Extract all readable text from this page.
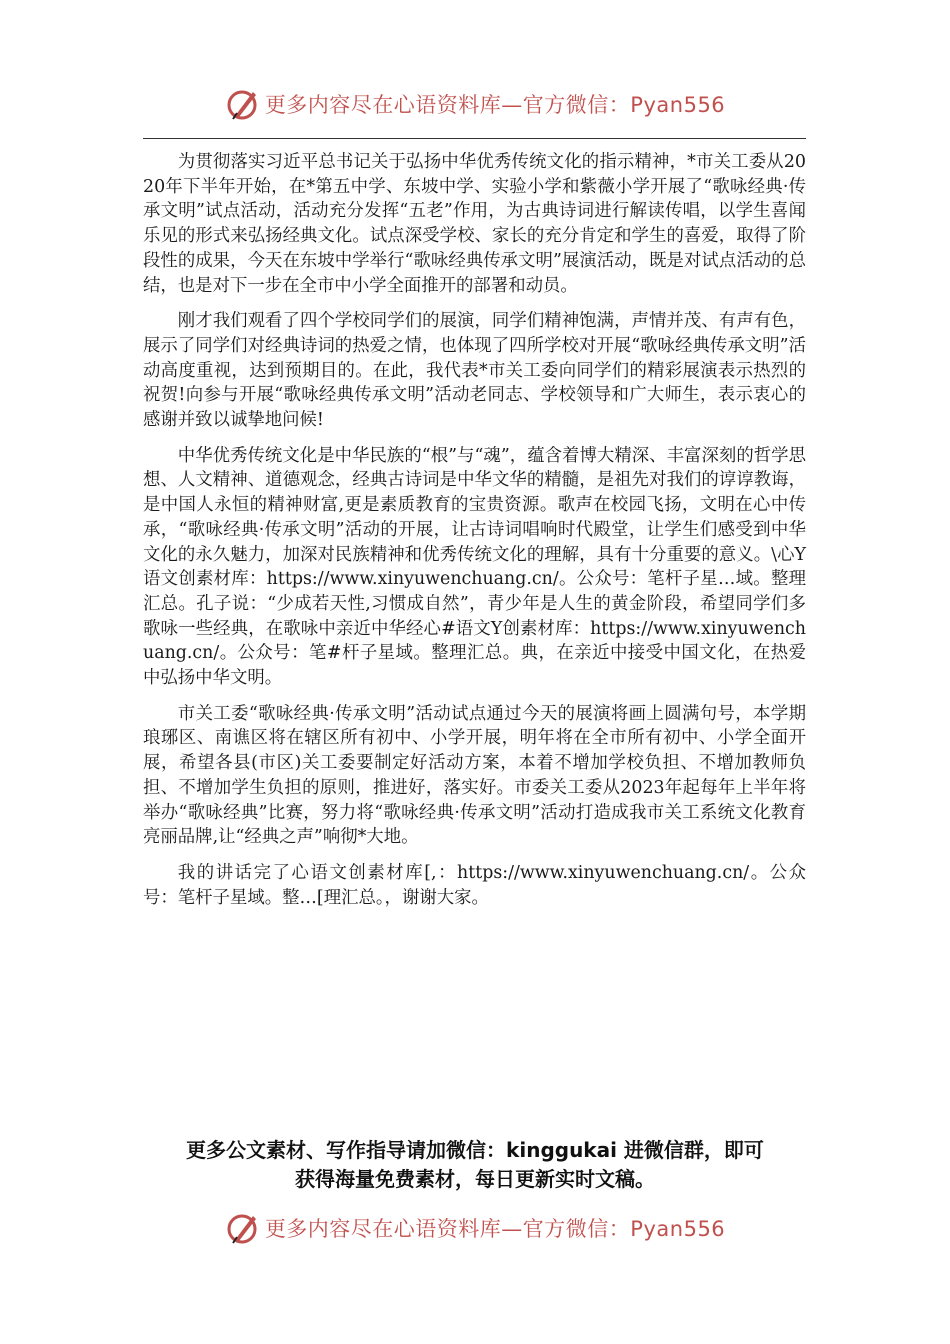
更多内容尽在心语资料库—官方微信：Pyan556

为贯彻落实习近平总书记关于弘扬中华优秀传统文化的指示精神，*市关工委从2020年下半年开始，在*第五中学、东坡中学、实验小学和紫薇小学开展了“歌咏经典·传承文明”试点活动，活动充分发挥“五老”作用，为古典诗词进行解读传唱，以学生喜闻乐见的形式来弘扬经典文化。试点深受学校、家长的充分肯定和学生的喜爱，取得了阶段性的成果，今天在东坡中学举行“歌咏经典传承文明”展演活动，既是对试点活动的总结，也是对下一步在全市中小学全面推开的部署和动员。

刚才我们观看了四个学校同学们的展演，同学们精神饱满，声情并茂、有声有色，展示了同学们对经典诗词的热爱之情，也体现了四所学校对开展“歌咏经典传承文明”活动高度重视，达到预期目的。在此，我代表*市关工委向同学们的精彩展演表示热烈的祝贺!向参与开展“歌咏经典传承文明”活动老同志、学校领导和广大师生，表示衷心的感谢并致以诚挚地问候!

中华优秀传统文化是中华民族的“根”与“魂”，蕴含着博大精深、丰富深刻的哲学思想、人文精神、道德观念，经典古诗词是中华文华的精髓，是祖先对我们的谆谆教诲，是中国人永恒的精神财富,更是素质教育的宝贵资源。歌声在校园飞扬，文明在心中传承，“歌咏经典·传承文明”活动的开展，让古诗词唱响时代殿堂，让学生们感受到中华文化的永久魅力，加深对民族精神和优秀传统文化的理解，具有十分重要的意义。\心Y语文创素材库：https://www.xinyuwenchuang.cn/。公众号：笔杆子星…域。整理汇总。孔子说：“少成若天性,习惯成自然”，青少年是人生的黄金阶段，希望同学们多歌咏一些经典，在歌咏中亲近中华经心#语文Y创素材库：https://www.xinyuwenchuang.cn/。公众号：笔#杆子星域。整理汇总。典，在亲近中接受中国文化，在热爱中弘扬中华文明。

市关工委“歌咏经典·传承文明”活动试点通过今天的展演将画上圆满句号，本学期琅琊区、南谯区将在辖区所有初中、小学开展，明年将在全市所有初中、小学全面开展，希望各县(市区)关工委要制定好活动方案，本着不增加学校负担、不增加教师负担、不增加学生负担的原则，推进好，落实好。市委关工委从2023年起每年上半年将举办“歌咏经典”比赛，努力将“歌咏经典·传承文明”活动打造成我市关工系统文化教育亮丽品牌,让“经典之声”响彻*大地。

我的讲话完了心语文创素材库[,：https://www.xinyuwenchuang.cn/。公众号：笔杆子星域。整…[理汇总。，谢谢大家。

更多公文素材、写作指导请加微信：kinggukai 进微信群，即可
获得海量免费素材，每日更新实时文稿。
更多内容尽在心语资料库—官方微信：Pyan556
